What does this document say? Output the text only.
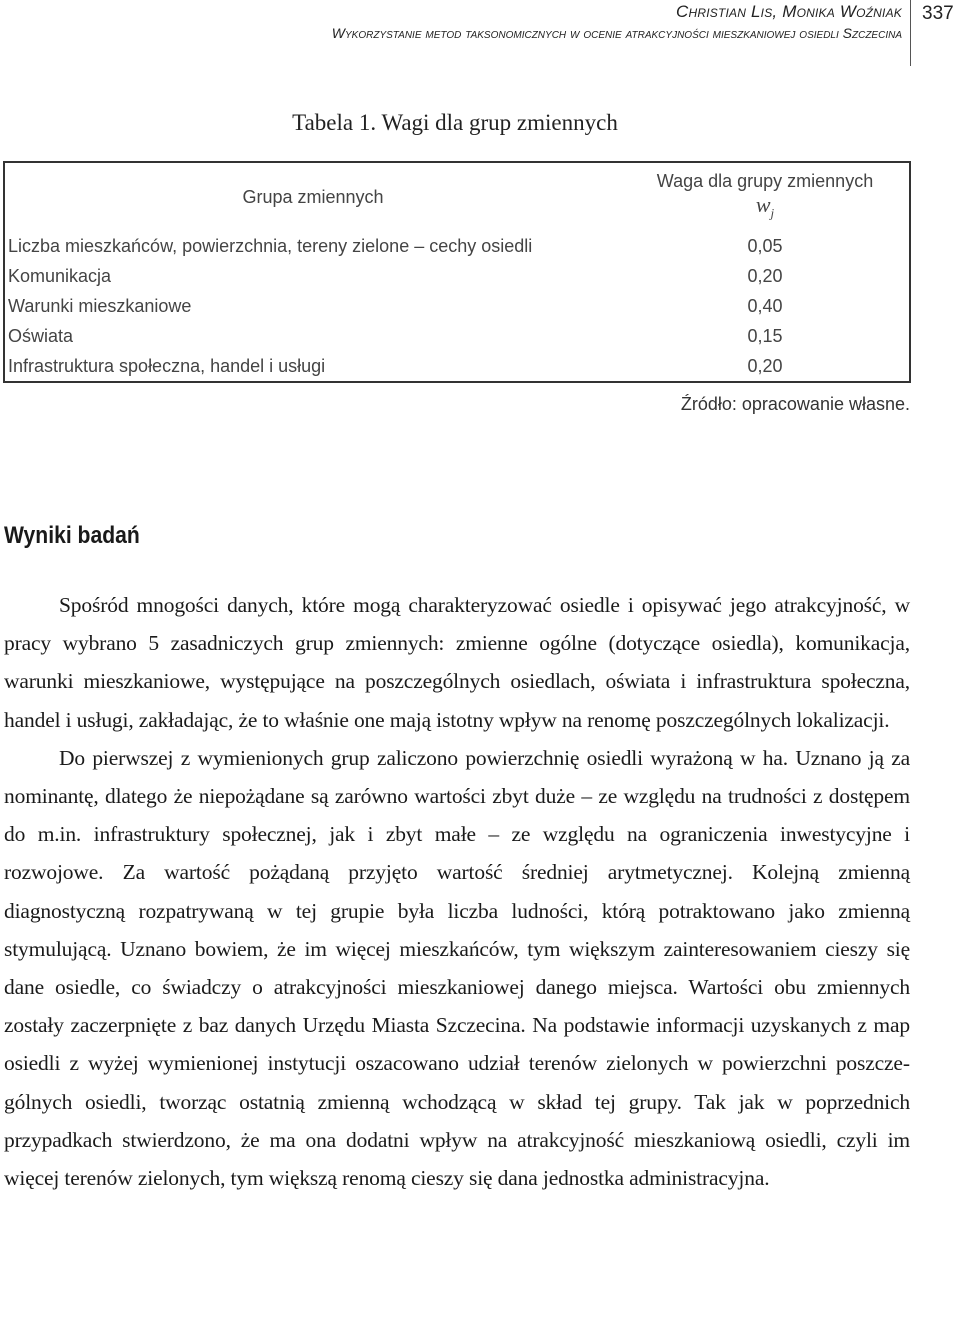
Christian Lis, Monika Woźniak
Wykorzystanie metod taksonomicznych w ocenie atrakcyjności mieszkaniowej osiedli Szczecina
337
Tabela 1. Wagi dla grup zmiennych
Grupa zmiennych	Waga dla grupy zmiennych
$w_j$

Liczba mieszkańców, powierzchnia, tereny zielone – cechy osiedli	0,05
Komunikacja	0,20
Warunki mieszkaniowe	0,40
Oświata	0,15
Infrastruktura społeczna, handel i usługi	0,20
Źródło: opracowanie własne.
Wyniki badań

Spośród mnogości danych, które mogą charakteryzować osiedle i opisywać jego atrakcyjność, w pracy wybrano 5 zasadniczych grup zmiennych: zmienne ogólne (dotyczące osiedla), komunikacja, warunki mieszkaniowe, występujące na poszczególnych osiedlach, oświata i infrastruktura społeczna, handel i usługi, zakładając, że to właśnie one mają istotny wpływ na renomę poszczególnych lokalizacji.

Do pierwszej z wymienionych grup zaliczono powierzchnię osiedli wyrażoną w ha. Uznano ją za nominantę, dlatego że niepożądane są zarówno wartości zbyt duże – ze względu na trudności z dostępem do m.in. infrastruktury społecznej, jak i zbyt małe – ze względu na ograniczenia inwestycyjne i rozwojowe. Za wartość pożądaną przyjęto wartość średniej arytmetycznej. Kolejną zmienną diagnostyczną rozpatrywaną w tej grupie była liczba ludności, którą potraktowano jako zmienną stymulującą. Uznano bowiem, że im więcej mieszkańców, tym większym zainteresowaniem cieszy się dane osiedle, co świadczy o atrakcyjności mieszkaniowej danego miejsca. Wartości obu zmiennych zostały zaczerpnięte z baz danych Urzędu Miasta Szczecina. Na podstawie informacji uzyskanych z map osiedli z wyżej wymienionej instytucji oszacowano udział terenów zielonych w powierzchni poszczególnych osiedli, tworząc ostatnią zmienną wchodzącą w skład tej grupy. Tak jak w poprzednich przypadkach stwierdzono, że ma ona dodatni wpływ na atrakcyjność mieszkaniową osiedli, czyli im więcej terenów zielonych, tym większą renomą cieszy się dana jednostka administracyjna.
